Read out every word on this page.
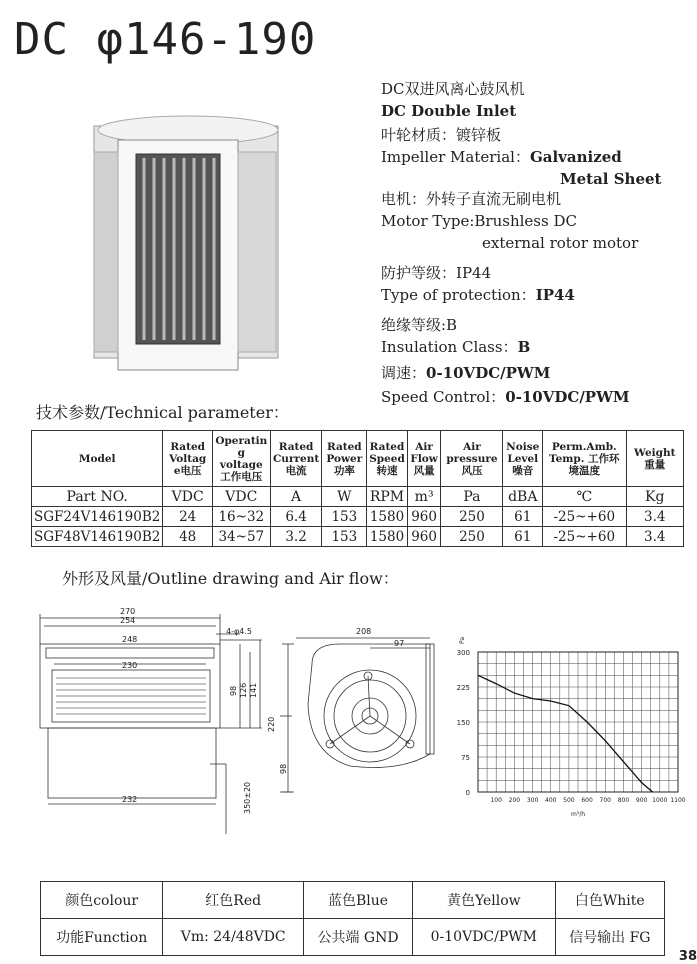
DC φ146-190
DC双进风离心鼓风机
DC Double Inlet
叶轮材质：镀锌板
Impeller Material：Galvanized
Metal Sheet
电机：外转子直流无刷电机
Motor Type:Brushless DC
external rotor motor
防护等级：IP44
Type of protection：IP44
绝缘等级:B
Insulation Class：B
调速：0-10VDC/PWM
Speed Control：0-10VDC/PWM
技术参数/Technical parameter：
Model	Rated Voltag e电压	Operatin g voltage 工作电压	Rated Current 电流	Rated Power 功率	Rated Speed 转速	Air Flow 风量	Air pressure 风压	Noise Level 噪音	Perm.Amb. Temp. 工作环境温度	Weight 重量
Part NO.	VDC	VDC	A	W	RPM	m³	Pa	dBA	℃	Kg
SGF24V146190B2	24	16~32	6.4	153	1580	960	250	61	-25~+60	3.4
SGF48V146190B2	48	34~57	3.2	153	1580	960	250	61	-25~+60	3.4
外形及风量/Outline drawing and Air flow：
270
254
248
230
232
4-φ4.5
98 126 141
350±20
208
97
220
98
100 200 300 400 500 600 700 800 900 1000 1100
0
75
150
225
300
Pa
m³/h
颜色colour	红色Red	蓝色Blue	黄色Yellow	白色White
功能Function	Vm: 24/48VDC	公共端 GND	0-10VDC/PWM	信号输出 FG
38
